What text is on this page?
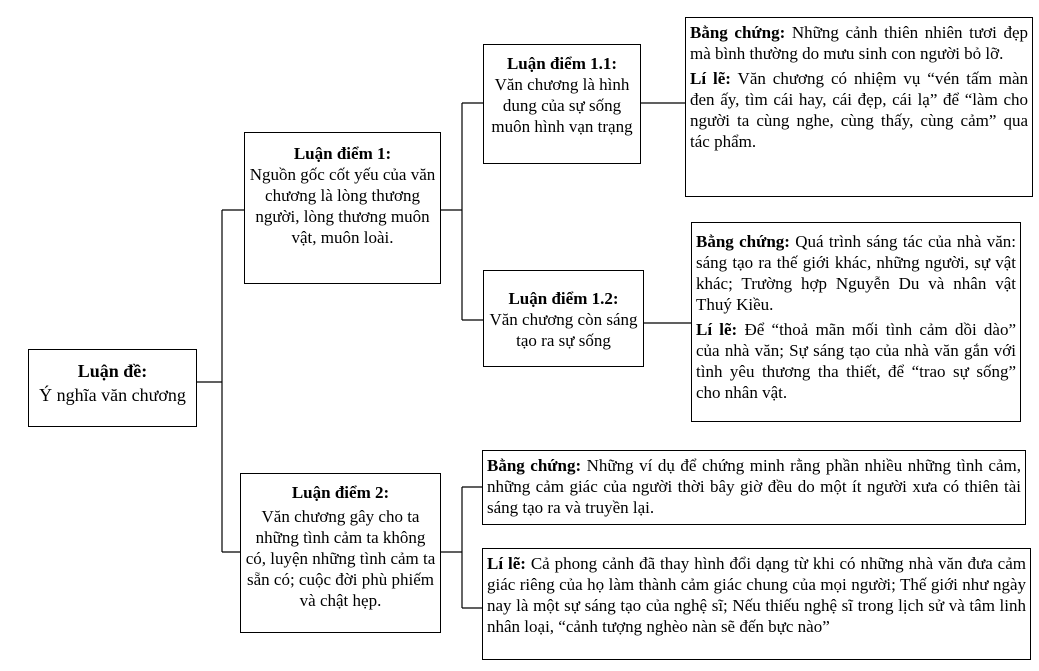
Luận đề:
Ý nghĩa văn chương
Luận điểm 1:
Nguồn gốc cốt yếu của văn chương là lòng thương người, lòng thương muôn vật, muôn loài.
Luận điểm 1.1:
Văn chương là hình dung của sự sống muôn hình vạn trạng
Luận điểm 1.2:
Văn chương còn sáng tạo ra sự sống
Luận điểm 2:
Văn chương gây cho ta những tình cảm ta không có, luyện những tình cảm ta sẵn có; cuộc đời phù phiếm và chật hẹp.
Bằng chứng: Những cảnh thiên nhiên tươi đẹp mà bình thường do mưu sinh con người bỏ lỡ.
Lí lẽ: Văn chương có nhiệm vụ “vén tấm màn đen ấy, tìm cái hay, cái đẹp, cái lạ” để “làm cho người ta cùng nghe, cùng thấy, cùng cảm” qua tác phẩm.
Bằng chứng: Quá trình sáng tác của nhà văn: sáng tạo ra thế giới khác, những người, sự vật khác; Trường hợp Nguyễn Du và nhân vật Thuý Kiều.
Lí lẽ: Để “thoả mãn mối tình cảm dồi dào” của nhà văn; Sự sáng tạo của nhà văn gắn với tình yêu thương tha thiết, để “trao sự sống” cho nhân vật.
Bằng chứng: Những ví dụ để chứng minh rằng phần nhiều những tình cảm, những cảm giác của người thời bây giờ đều do một ít người xưa có thiên tài sáng tạo ra và truyền lại.
Lí lẽ: Cả phong cảnh đã thay hình đổi dạng từ khi có những nhà văn đưa cảm giác riêng của họ làm thành cảm giác chung của mọi người; Thế giới như ngày nay là một sự sáng tạo của nghệ sĩ; Nếu thiếu nghệ sĩ trong lịch sử và tâm linh nhân loại, “cảnh tượng nghèo nàn sẽ đến bực nào”
